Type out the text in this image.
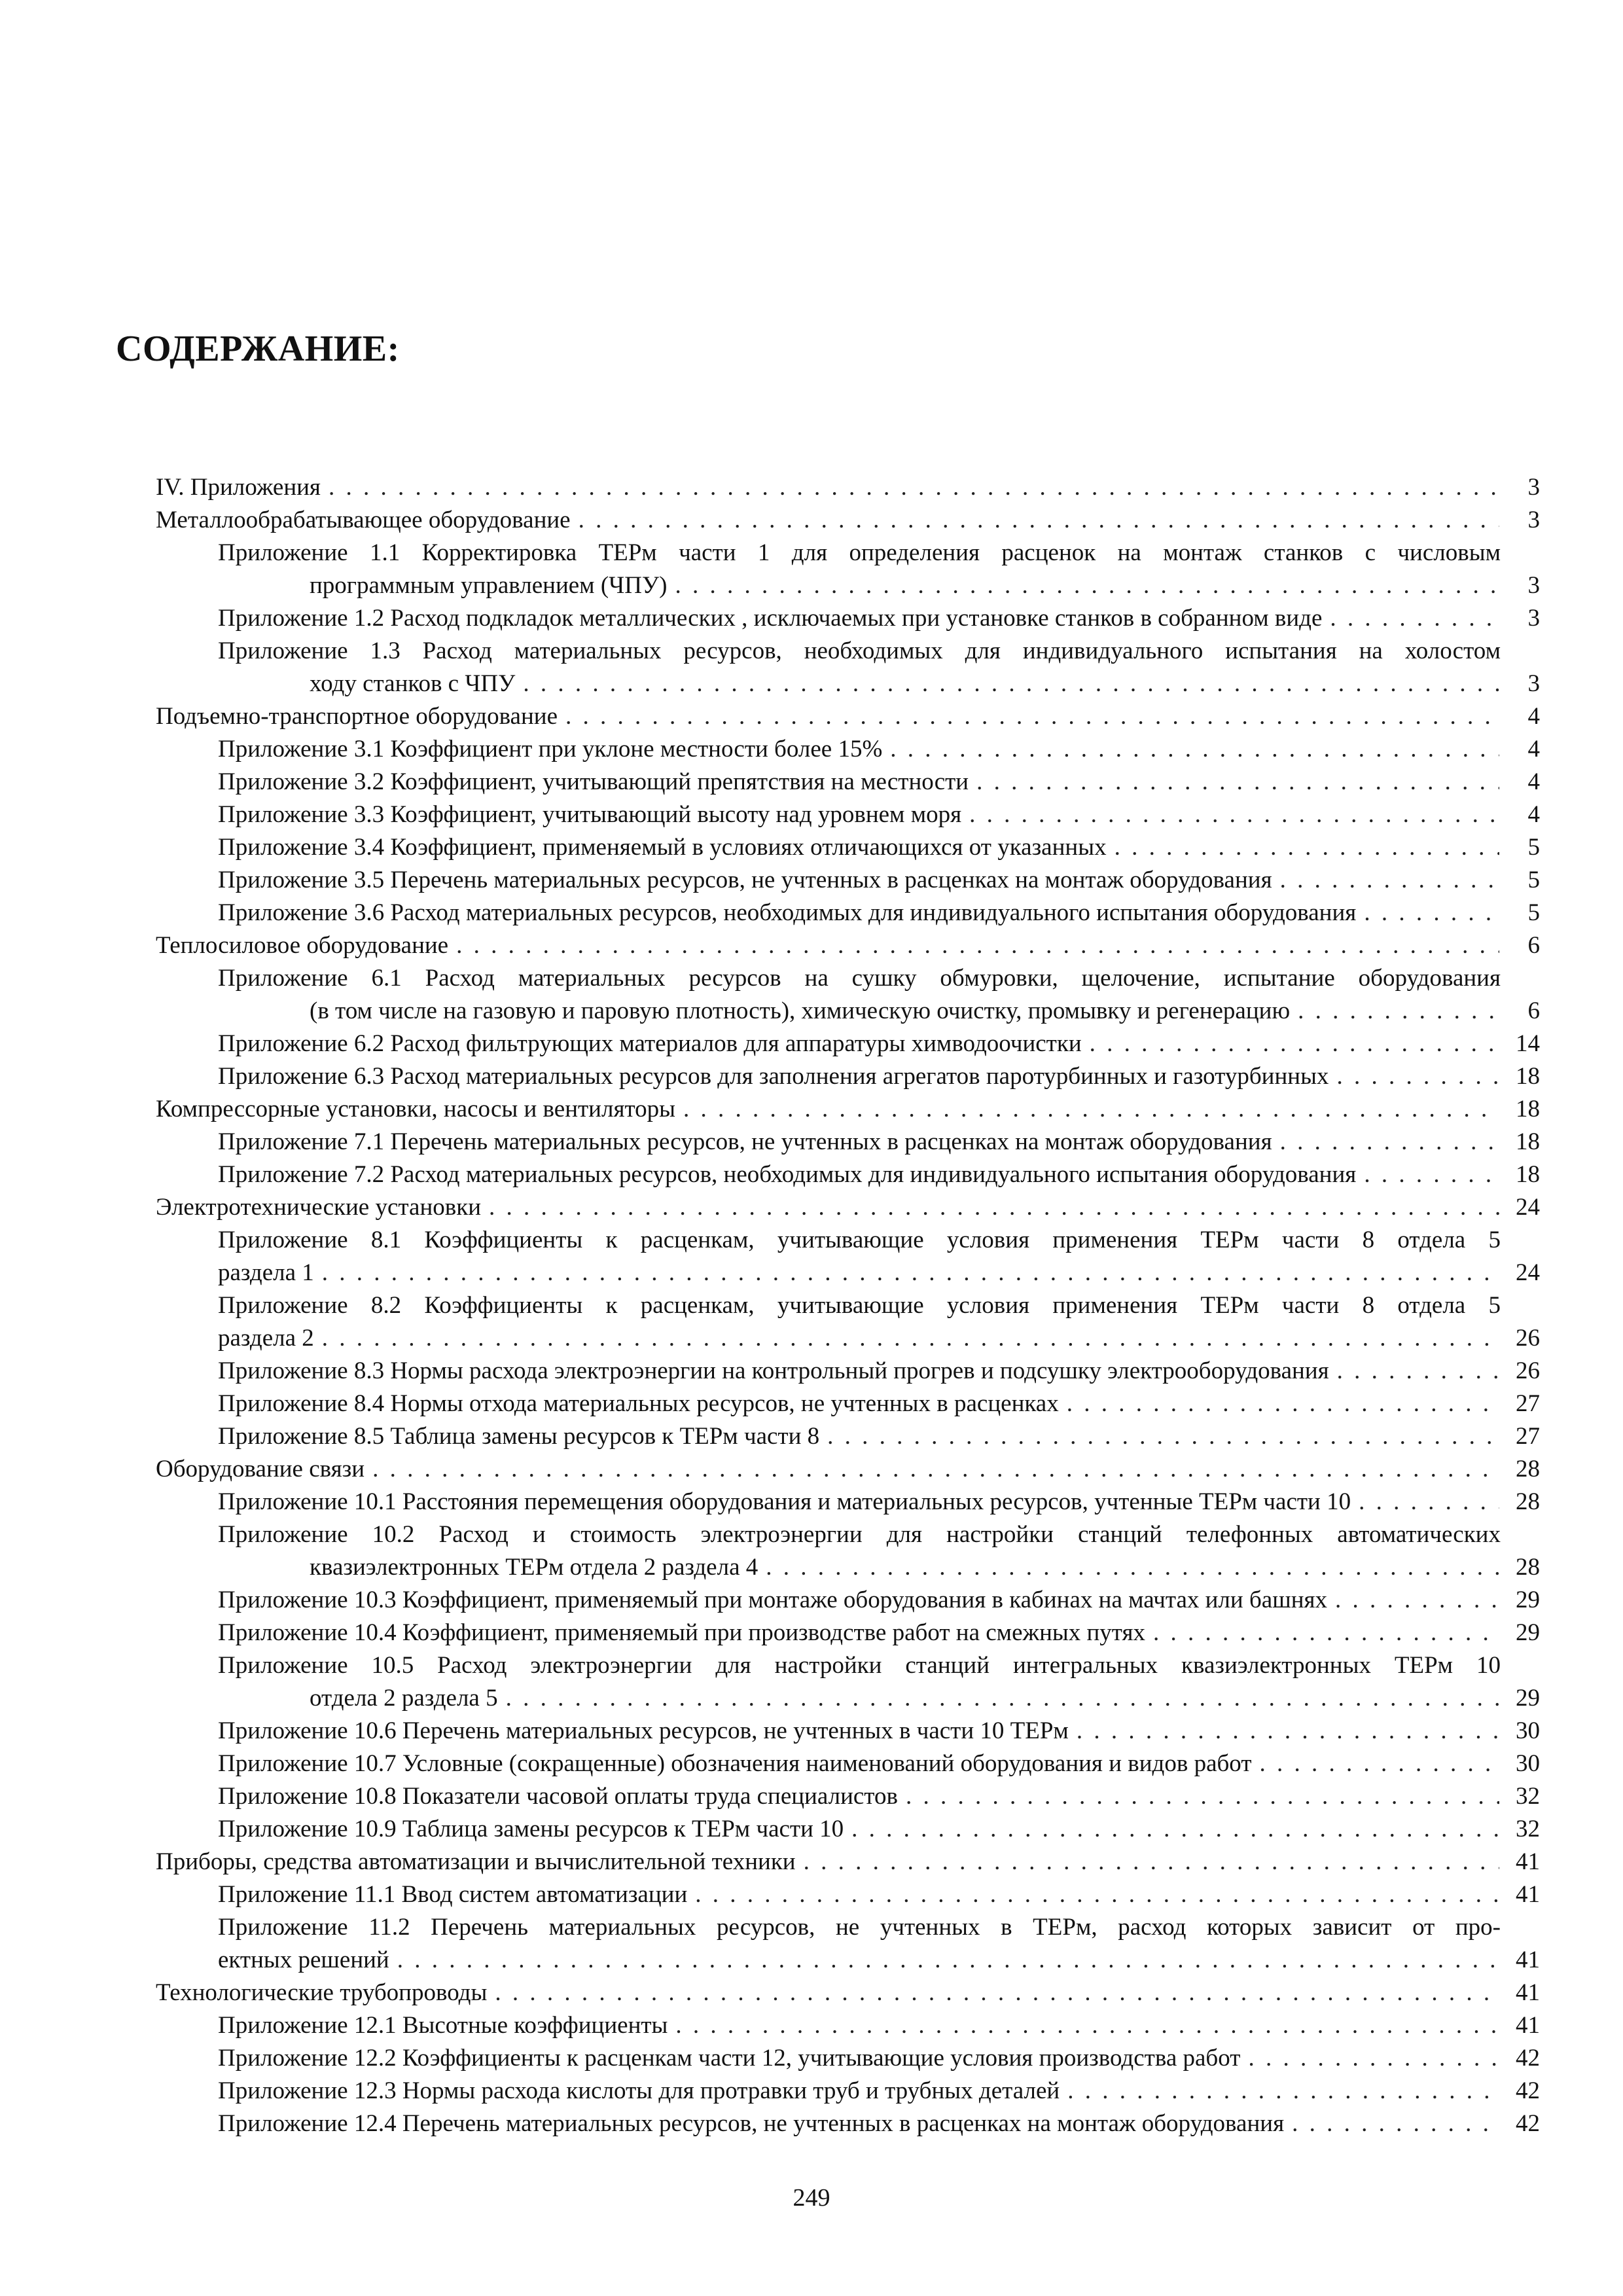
СОДЕРЖАНИЕ:
IV. Приложения . . .	3
Металлообрабатывающее оборудование . . .	3
Приложение 1.1 Корректировка ТЕРм части 1 для определения расценок на монтаж станков с числовым
программным управлением (ЧПУ) . . .	3
Приложение 1.2 Расход подкладок металлических , исключаемых при установке станков в собранном виде . . .	3
Приложение 1.3 Расход материальных ресурсов, необходимых для индивидуального испытания на холостом
ходу станков с ЧПУ . . .	3
Подъемно-транспортное оборудование . . .	4
Приложение 3.1 Коэффициент при уклоне местности более 15% . . .	4
Приложение 3.2 Коэффициент, учитывающий препятствия на местности . . .	4
Приложение 3.3 Коэффициент, учитывающий высоту над уровнем моря . . .	4
Приложение 3.4 Коэффициент, применяемый в условиях отличающихся от указанных . . .	5
Приложение 3.5 Перечень материальных ресурсов, не учтенных в расценках на монтаж оборудования . . .	5
Приложение 3.6 Расход материальных ресурсов, необходимых для индивидуального испытания оборудования . . .	5
Теплосиловое оборудование . . .	6
Приложение 6.1 Расход материальных ресурсов на сушку обмуровки, щелочение, испытание оборудования
(в том числе на газовую и паровую плотность), химическую очистку, промывку и регенерацию . . .	6
Приложение 6.2 Расход фильтрующих материалов для аппаратуры химводоочистки . . .	14
Приложение 6.3 Расход материальных ресурсов для заполнения агрегатов паротурбинных и газотурбинных . . .	18
Компрессорные установки, насосы и вентиляторы . . .	18
Приложение 7.1 Перечень материальных ресурсов, не учтенных в расценках на монтаж оборудования . . .	18
Приложение 7.2 Расход материальных ресурсов, необходимых для индивидуального испытания оборудования . . .	18
Электротехнические установки . . .	24
Приложение 8.1 Коэффициенты к расценкам, учитывающие условия применения ТЕРм части 8 отдела 5
раздела 1 . . .	24
Приложение 8.2 Коэффициенты к расценкам, учитывающие условия применения ТЕРм части 8 отдела 5
раздела 2 . . .	26
Приложение 8.3 Нормы расхода электроэнергии на контрольный прогрев и подсушку электрооборудования . . .	26
Приложение 8.4 Нормы отхода материальных ресурсов, не учтенных в расценках . . .	27
Приложение 8.5 Таблица замены ресурсов к ТЕРм части 8 . . .	27
Оборудование связи . . .	28
Приложение 10.1 Расстояния перемещения оборудования и материальных ресурсов, учтенные ТЕРм части 10 . . .	28
Приложение 10.2 Расход и стоимость электроэнергии для настройки станций телефонных автоматических
квазиэлектронных ТЕРм отдела 2 раздела 4 . . .	28
Приложение 10.3 Коэффициент, применяемый при монтаже оборудования в кабинах на мачтах или башнях . . .	29
Приложение 10.4 Коэффициент, применяемый при производстве работ на смежных путях . . .	29
Приложение 10.5 Расход электроэнергии для настройки станций интегральных квазиэлектронных ТЕРм 10
отдела 2 раздела 5 . . .	29
Приложение 10.6 Перечень материальных ресурсов, не учтенных в части 10 ТЕРм . . .	30
Приложение 10.7 Условные (сокращенные) обозначения наименований оборудования и видов работ . . .	30
Приложение 10.8 Показатели часовой оплаты труда специалистов . . .	32
Приложение 10.9 Таблица замены ресурсов к ТЕРм части 10 . . .	32
Приборы, средства автоматизации и вычислительной техники . . .	41
Приложение 11.1 Ввод систем автоматизации . . .	41
Приложение 11.2 Перечень материальных ресурсов, не учтенных в ТЕРм, расход которых зависит от про-
ектных решений . . .	41
Технологические трубопроводы . . .	41
Приложение 12.1 Высотные коэффициенты . . .	41
Приложение 12.2 Коэффициенты к расценкам части 12, учитывающие условия производства работ . . .	42
Приложение 12.3 Нормы расхода кислоты для протравки труб и трубных деталей . . .	42
Приложение 12.4 Перечень материальных ресурсов, не учтенных в расценках на монтаж оборудования . . .	42
249
